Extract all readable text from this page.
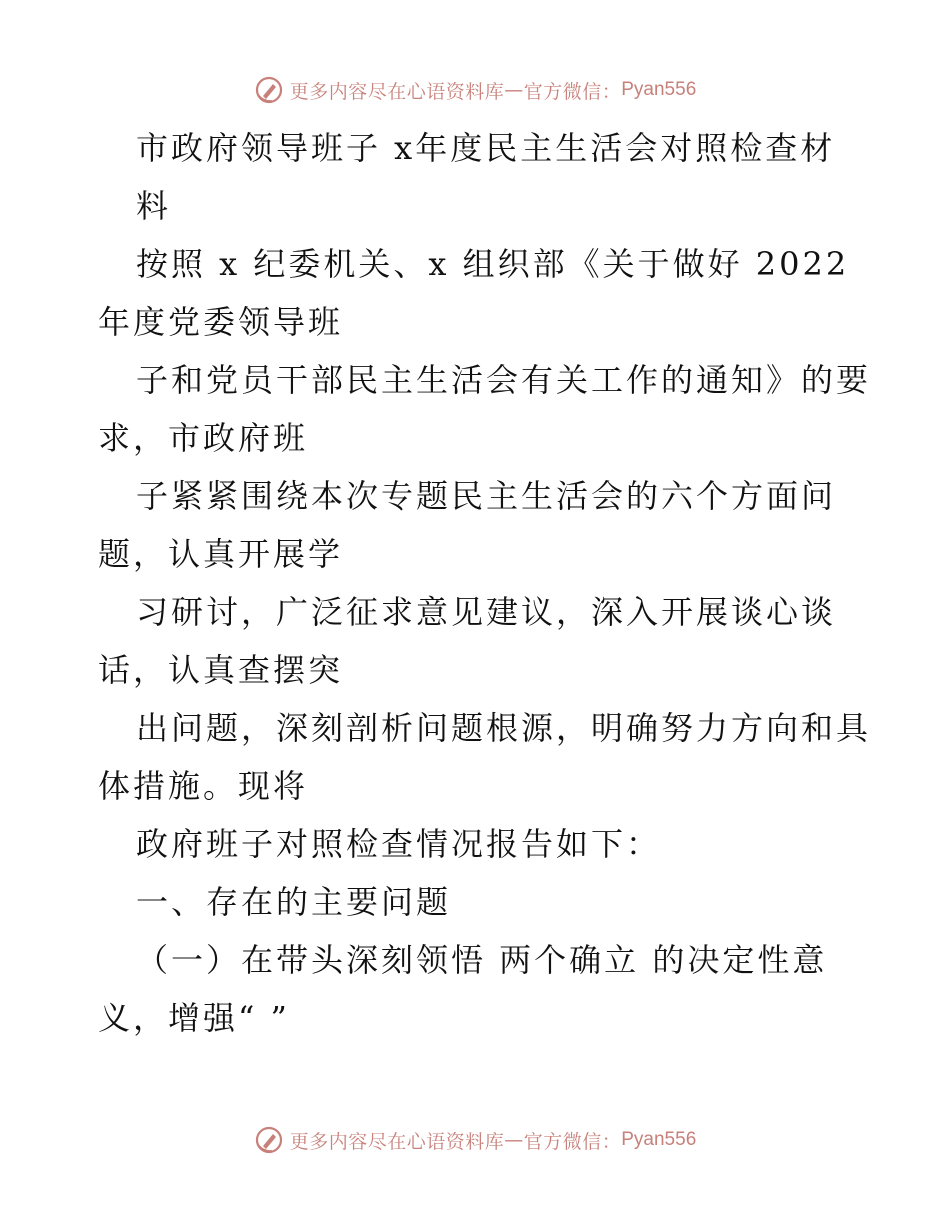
更多内容尽在心语资料库 — 官方微信： Pyan556
市政府领导班子 x年度民主生活会对照检查材
料
按照 x 纪委机关、x 组织部《关于做好 2022
年度党委领导班
子和党员干部民主生活会有关工作的通知》的要
求，市政府班
子紧紧围绕本次专题民主生活会的六个方面问
题，认真开展学
习研讨，广泛征求意见建议，深入开展谈心谈
话，认真查摆突
出问题，深刻剖析问题根源，明确努力方向和具
体措施。现将
政府班子对照检查情况报告如下：
一、存在的主要问题
（一）在带头深刻领悟 两个确立 的决定性意
义，增强“ ”
更多内容尽在心语资料库 — 官方微信： Pyan556
